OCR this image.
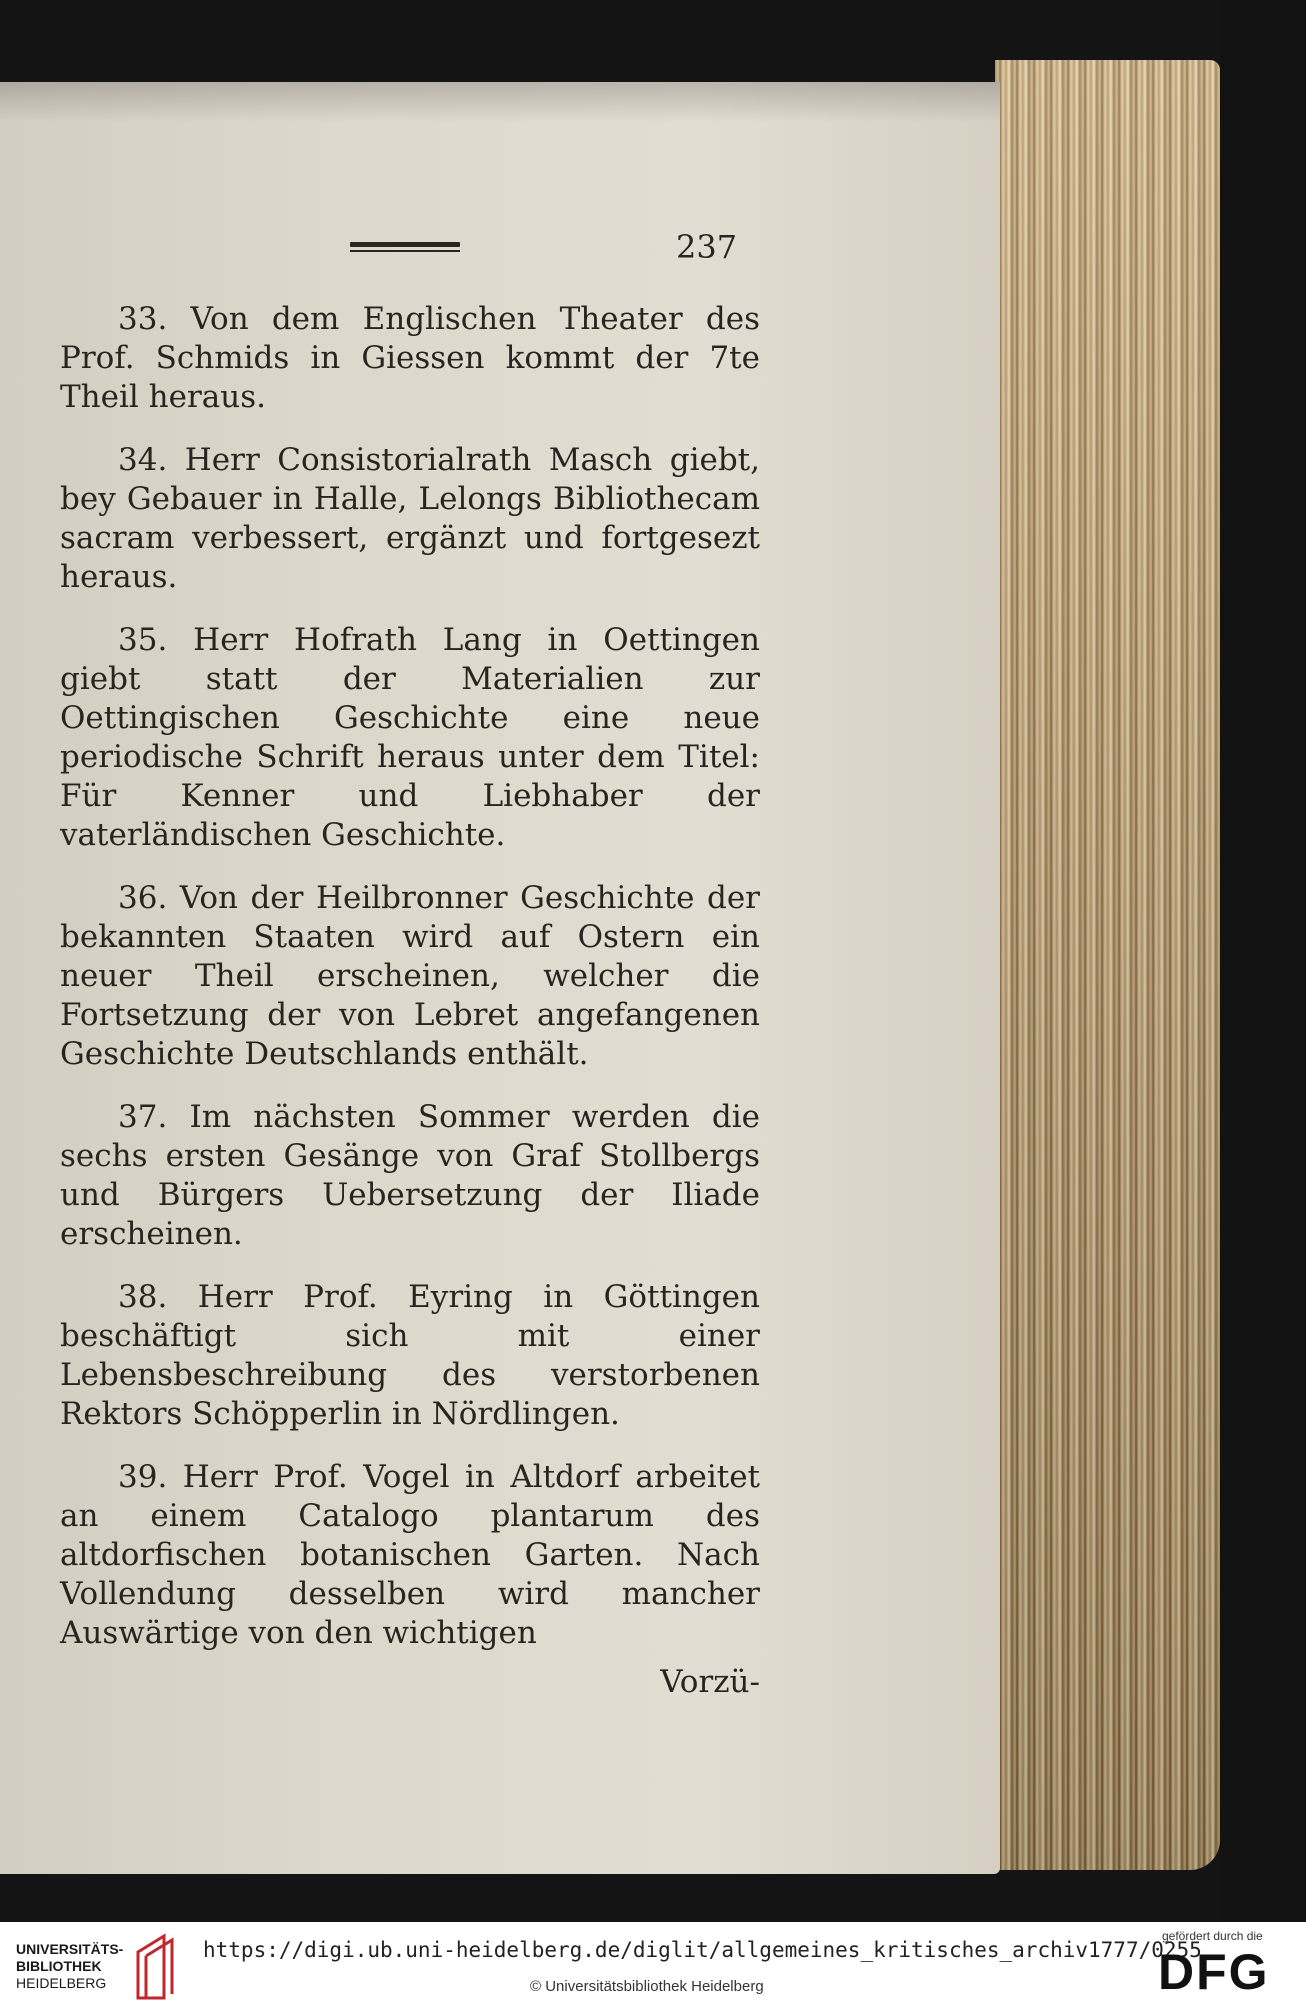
237

33. Von dem Englischen Theater des Prof. Schmids in Giessen kommt der 7te Theil heraus.

34. Herr Consistorialrath Masch giebt, bey Gebauer in Halle, Lelongs Bibliothecam sacram verbessert, ergänzt und fortgesezt heraus.

35. Herr Hofrath Lang in Oettingen giebt statt der Materialien zur Oettingischen Geschichte eine neue periodische Schrift heraus unter dem Titel: Für Kenner und Liebhaber der vaterländischen Geschichte.

36. Von der Heilbronner Geschichte der bekannten Staaten wird auf Ostern ein neuer Theil erscheinen, welcher die Fortsetzung der von Lebret angefangenen Geschichte Deutschlands enthält.

37. Im nächsten Sommer werden die sechs ersten Gesänge von Graf Stollbergs und Bürgers Uebersetzung der Iliade erscheinen.

38. Herr Prof. Eyring in Göttingen beschäftigt sich mit einer Lebensbeschreibung des verstorbenen Rektors Schöpperlin in Nördlingen.

39. Herr Prof. Vogel in Altdorf arbeitet an einem Catalogo plantarum des altdorfischen botanischen Garten. Nach Vollendung desselben wird mancher Auswärtige von den wichtigen

Vorzü-
UNIVERSITÄTS-
BIBLIOTHEK
HEIDELBERG
https://digi.ub.uni-heidelberg.de/diglit/allgemeines_kritisches_archiv1777/0255
© Universitätsbibliothek Heidelberg
gefördert durch die
DFG
